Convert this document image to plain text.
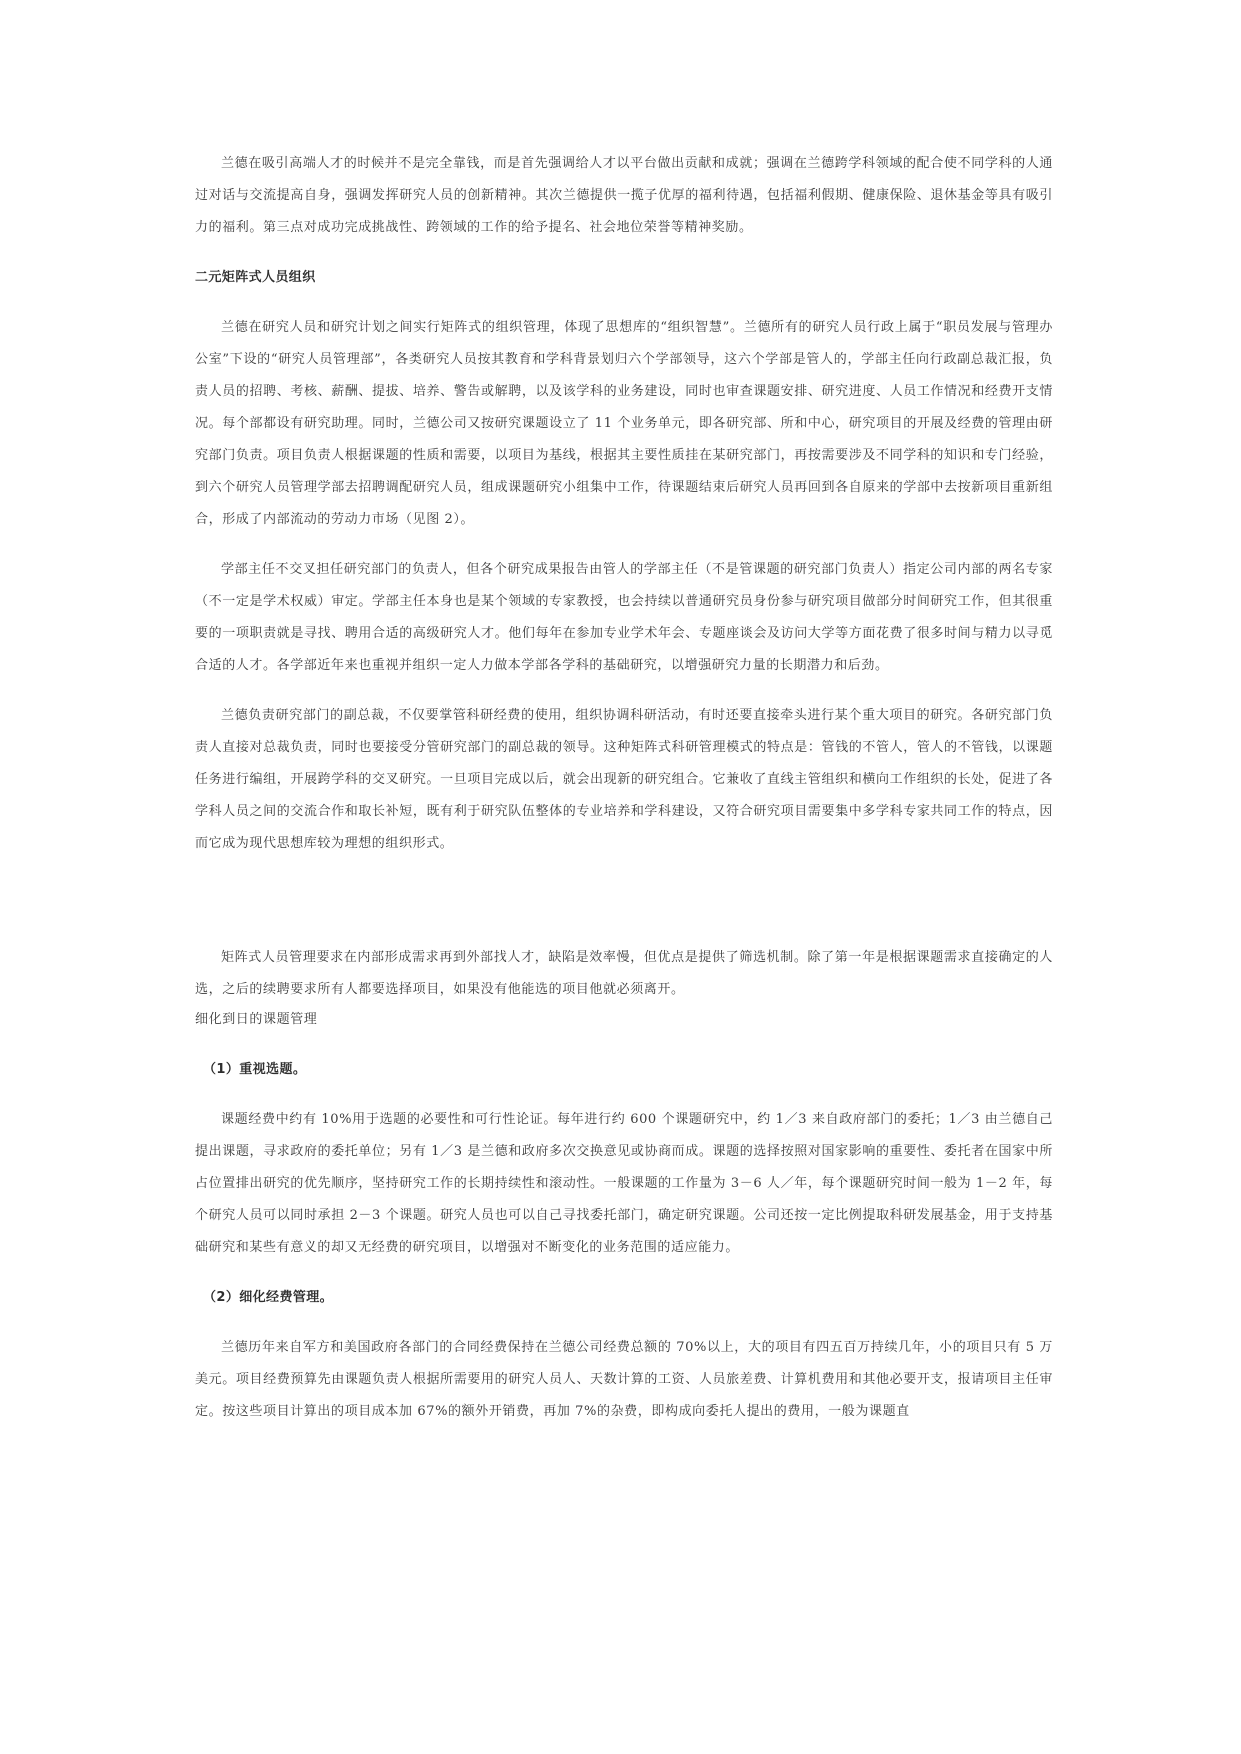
兰德在吸引高端人才的时候并不是完全靠钱，而是首先强调给人才以平台做出贡献和成就；强调在兰德跨学科领域的配合使不同学科的人通过对话与交流提高自身，强调发挥研究人员的创新精神。其次兰德提供一揽子优厚的福利待遇，包括福利假期、健康保险、退休基金等具有吸引力的福利。第三点对成功完成挑战性、跨领域的工作的给予提名、社会地位荣誉等精神奖励。

二元矩阵式人员组织

兰德在研究人员和研究计划之间实行矩阵式的组织管理，体现了思想库的“组织智慧”。兰德所有的研究人员行政上属于“职员发展与管理办公室”下设的“研究人员管理部”，各类研究人员按其教育和学科背景划归六个学部领导，这六个学部是管人的，学部主任向行政副总裁汇报，负责人员的招聘、考核、薪酬、提拔、培养、警告或解聘，以及该学科的业务建设，同时也审查课题安排、研究进度、人员工作情况和经费开支情况。每个部都设有研究助理。同时，兰德公司又按研究课题设立了 11 个业务单元，即各研究部、所和中心，研究项目的开展及经费的管理由研究部门负责。项目负责人根据课题的性质和需要，以项目为基线，根据其主要性质挂在某研究部门，再按需要涉及不同学科的知识和专门经验，到六个研究人员管理学部去招聘调配研究人员，组成课题研究小组集中工作，待课题结束后研究人员再回到各自原来的学部中去按新项目重新组合，形成了内部流动的劳动力市场（见图 2）。

学部主任不交叉担任研究部门的负责人，但各个研究成果报告由管人的学部主任（不是管课题的研究部门负责人）指定公司内部的两名专家（不一定是学术权威）审定。学部主任本身也是某个领域的专家教授，也会持续以普通研究员身份参与研究项目做部分时间研究工作，但其很重要的一项职责就是寻找、聘用合适的高级研究人才。他们每年在参加专业学术年会、专题座谈会及访问大学等方面花费了很多时间与精力以寻觅合适的人才。各学部近年来也重视并组织一定人力做本学部各学科的基础研究，以增强研究力量的长期潜力和后劲。

兰德负责研究部门的副总裁，不仅要掌管科研经费的使用，组织协调科研活动，有时还要直接牵头进行某个重大项目的研究。各研究部门负责人直接对总裁负责，同时也要接受分管研究部门的副总裁的领导。这种矩阵式科研管理模式的特点是：管钱的不管人，管人的不管钱，以课题任务进行编组，开展跨学科的交叉研究。一旦项目完成以后，就会出现新的研究组合。它兼收了直线主管组织和横向工作组织的长处，促进了各学科人员之间的交流合作和取长补短，既有利于研究队伍整体的专业培养和学科建设，又符合研究项目需要集中多学科专家共同工作的特点，因而它成为现代思想库较为理想的组织形式。

矩阵式人员管理要求在内部形成需求再到外部找人才，缺陷是效率慢，但优点是提供了筛选机制。除了第一年是根据课题需求直接确定的人选，之后的续聘要求所有人都要选择项目，如果没有他能选的项目他就必须离开。

细化到日的课题管理

（1）重视选题。

课题经费中约有 10%用于选题的必要性和可行性论证。每年进行约 600 个课题研究中，约 1／3 来自政府部门的委托；1／3 由兰德自己提出课题，寻求政府的委托单位；另有 1／3 是兰德和政府多次交换意见或协商而成。课题的选择按照对国家影响的重要性、委托者在国家中所占位置排出研究的优先顺序，坚持研究工作的长期持续性和滚动性。一般课题的工作量为 3－6 人／年，每个课题研究时间一般为 1－2 年，每个研究人员可以同时承担 2－3 个课题。研究人员也可以自己寻找委托部门，确定研究课题。公司还按一定比例提取科研发展基金，用于支持基础研究和某些有意义的却又无经费的研究项目，以增强对不断变化的业务范围的适应能力。

（2）细化经费管理。

兰德历年来自军方和美国政府各部门的合同经费保持在兰德公司经费总额的 70%以上，大的项目有四五百万持续几年，小的项目只有 5 万美元。项目经费预算先由课题负责人根据所需要用的研究人员人、天数计算的工资、人员旅差费、计算机费用和其他必要开支，报请项目主任审定。按这些项目计算出的项目成本加 67%的额外开销费，再加 7%的杂费，即构成向委托人提出的费用，一般为课题直
